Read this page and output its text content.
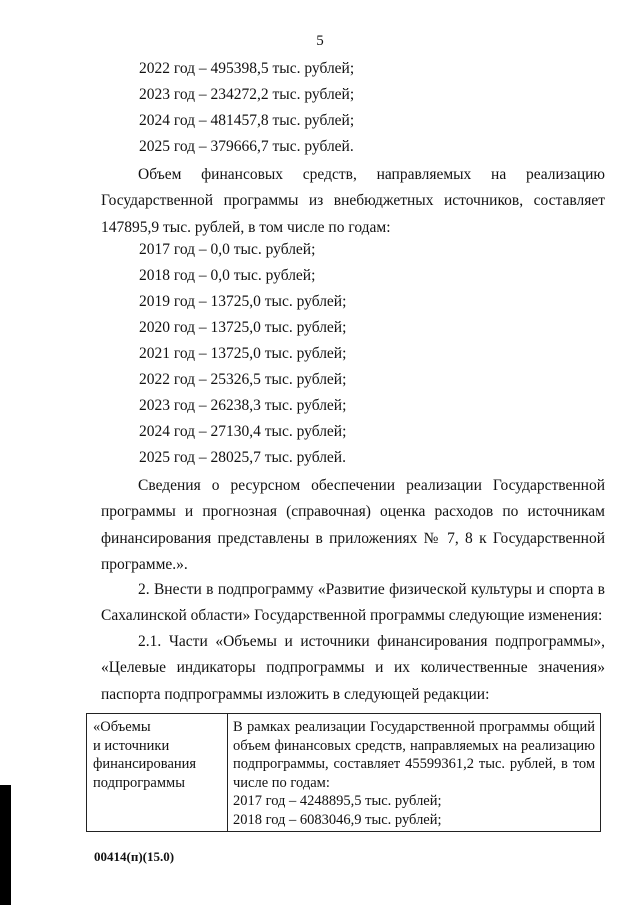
5
2022 год – 495398,5 тыс. рублей;
2023 год – 234272,2 тыс. рублей;
2024 год – 481457,8 тыс. рублей;
2025 год – 379666,7 тыс. рублей.
Объем финансовых средств, направляемых на реализацию Государственной программы из внебюджетных источников, составляет 147895,9 тыс. рублей, в том числе по годам:
2017 год – 0,0 тыс. рублей;
2018 год – 0,0 тыс. рублей;
2019 год – 13725,0 тыс. рублей;
2020 год – 13725,0 тыс. рублей;
2021 год – 13725,0 тыс. рублей;
2022 год – 25326,5 тыс. рублей;
2023 год – 26238,3 тыс. рублей;
2024 год – 27130,4 тыс. рублей;
2025 год – 28025,7 тыс. рублей.
Сведения о ресурсном обеспечении реализации Государственной программы и прогнозная (справочная) оценка расходов по источникам финансирования представлены в приложениях № 7, 8 к Государственной программе.».
2. Внести в подпрограмму «Развитие физической культуры и спорта в Сахалинской области» Государственной программы следующие изменения:
2.1. Части «Объемы и источники финансирования подпрограммы», «Целевые индикаторы подпрограммы и их количественные значения» паспорта подпрограммы изложить в следующей редакции:
«Объемы
и источники
финансирования
подпрограммы
В рамках реализации Государственной программы общий объем финансовых средств, направляемых на реализацию подпрограммы, составляет 45599361,2 тыс. рублей, в том числе по годам:
2017 год – 4248895,5 тыс. рублей;
2018 год – 6083046,9 тыс. рублей;
00414(п)(15.0)
